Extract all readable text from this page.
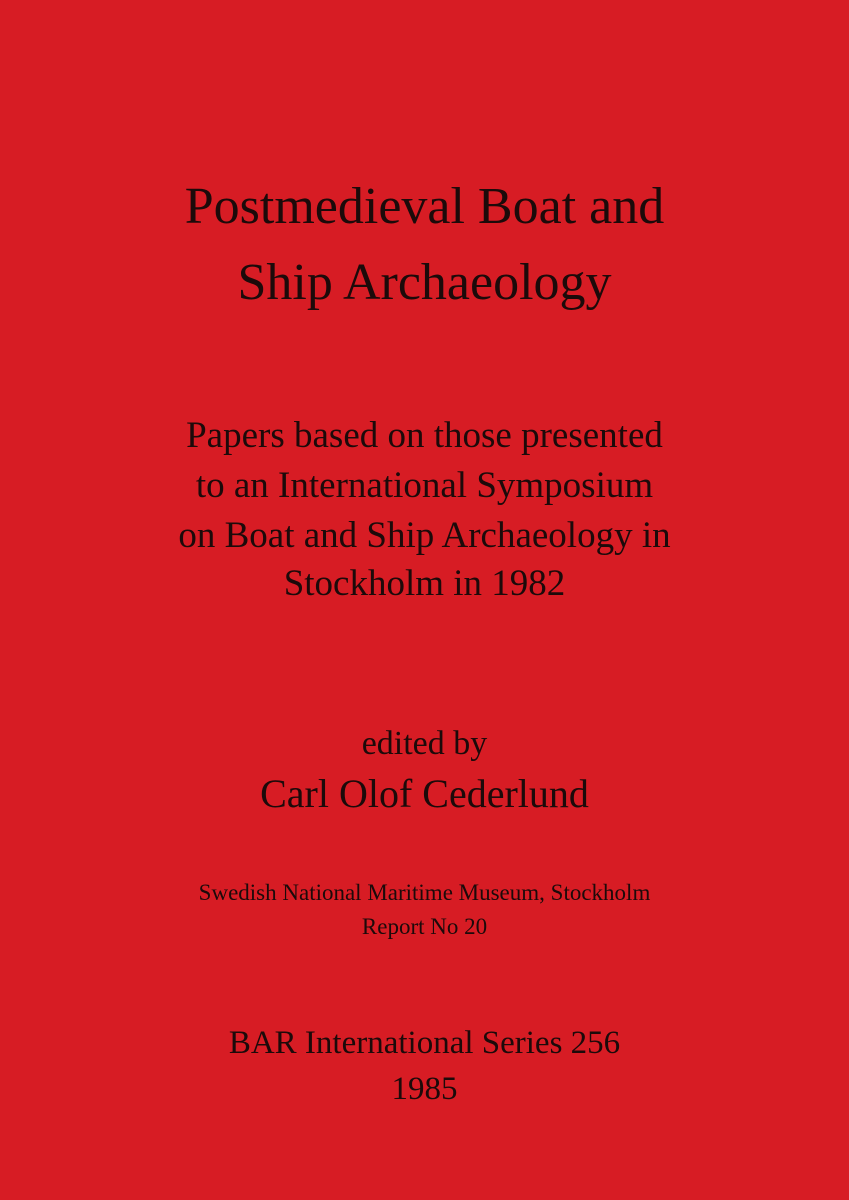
Postmedieval Boat and
Ship Archaeology
Papers based on those presented
to an International Symposium
on Boat and Ship Archaeology in
Stockholm in 1982
edited by
Carl Olof Cederlund
Swedish National Maritime Museum, Stockholm
Report No 20
BAR International Series 256
1985
